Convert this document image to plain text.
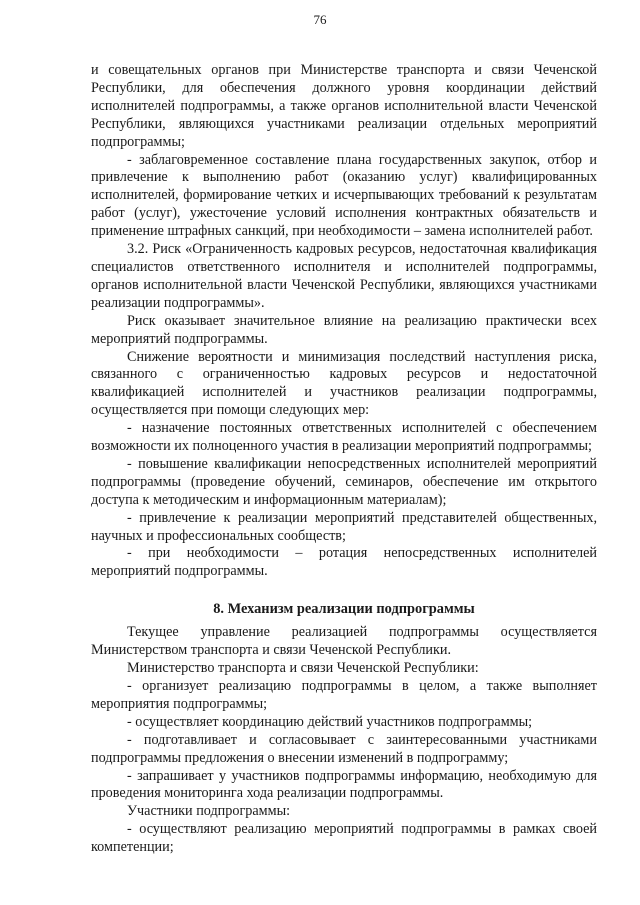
76

и совещательных органов при Министерстве транспорта и связи Чеченской Республики, для обеспечения должного уровня координации действий исполнителей подпрограммы, а также органов исполнительной власти Чеченской Республики, являющихся участниками реализации отдельных мероприятий подпрограммы;

- заблаговременное составление плана государственных закупок, отбор и привлечение к выполнению работ (оказанию услуг) квалифицированных исполнителей, формирование четких и исчерпывающих требований к результатам работ (услуг), ужесточение условий исполнения контрактных обязательств и применение штрафных санкций, при необходимости – замена исполнителей работ.

3.2. Риск «Ограниченность кадровых ресурсов, недостаточная квалификация специалистов ответственного исполнителя и исполнителей подпрограммы, органов исполнительной власти Чеченской Республики, являющихся участниками реализации подпрограммы».

Риск оказывает значительное влияние на реализацию практически всех мероприятий подпрограммы.

Снижение вероятности и минимизация последствий наступления риска, связанного с ограниченностью кадровых ресурсов и недостаточной квалификацией исполнителей и участников реализации подпрограммы, осуществляется при помощи следующих мер:

- назначение постоянных ответственных исполнителей с обеспечением возможности их полноценного участия в реализации мероприятий подпрограммы;

- повышение квалификации непосредственных исполнителей мероприятий подпрограммы (проведение обучений, семинаров, обеспечение им открытого доступа к методическим и информационным материалам);

- привлечение к реализации мероприятий представителей общественных, научных и профессиональных сообществ;

- при необходимости – ротация непосредственных исполнителей мероприятий подпрограммы.

8. Механизм реализации подпрограммы

Текущее управление реализацией подпрограммы осуществляется Министерством транспорта и связи Чеченской Республики.

Министерство транспорта и связи Чеченской Республики:

- организует реализацию подпрограммы в целом, а также выполняет мероприятия подпрограммы;

- осуществляет координацию действий участников подпрограммы;

- подготавливает и согласовывает с заинтересованными участниками подпрограммы предложения о внесении изменений в подпрограмму;

- запрашивает у участников подпрограммы информацию, необходимую для проведения мониторинга хода реализации подпрограммы.

Участники подпрограммы:

- осуществляют реализацию мероприятий подпрограммы в рамках своей компетенции;
